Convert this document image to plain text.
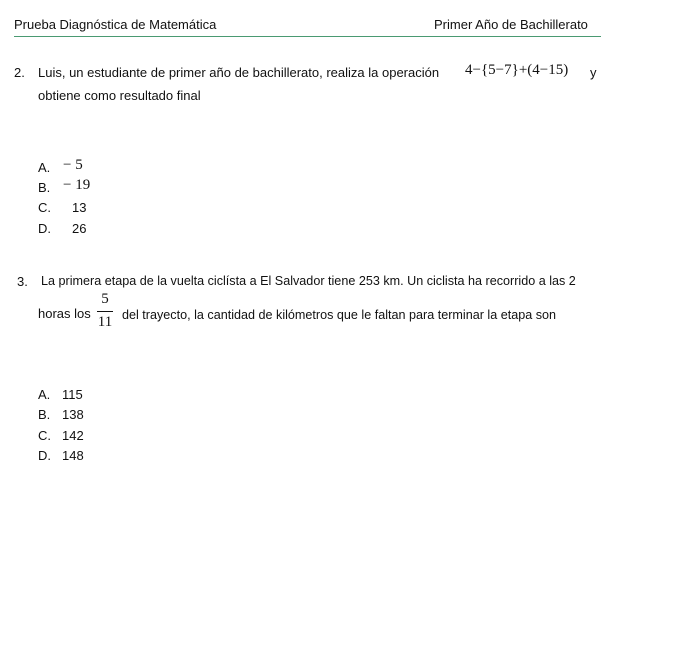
Prueba Diagnóstica de Matemática	Primer Año de Bachillerato
2. Luis, un estudiante de primer año de bachillerato, realiza la operación 4−{5−7}+(4−15) y
obtiene como resultado final
A. − 5
B. − 19
C. 13
D. 26
3. La primera etapa de la vuelta ciclísta a El Salvador tiene 253 km. Un ciclista ha recorrido a las 2
horas los
5
11 del trayecto, la cantidad de kilómetros que le faltan para terminar la etapa son
A. 115
B. 138
C. 142
D. 148
